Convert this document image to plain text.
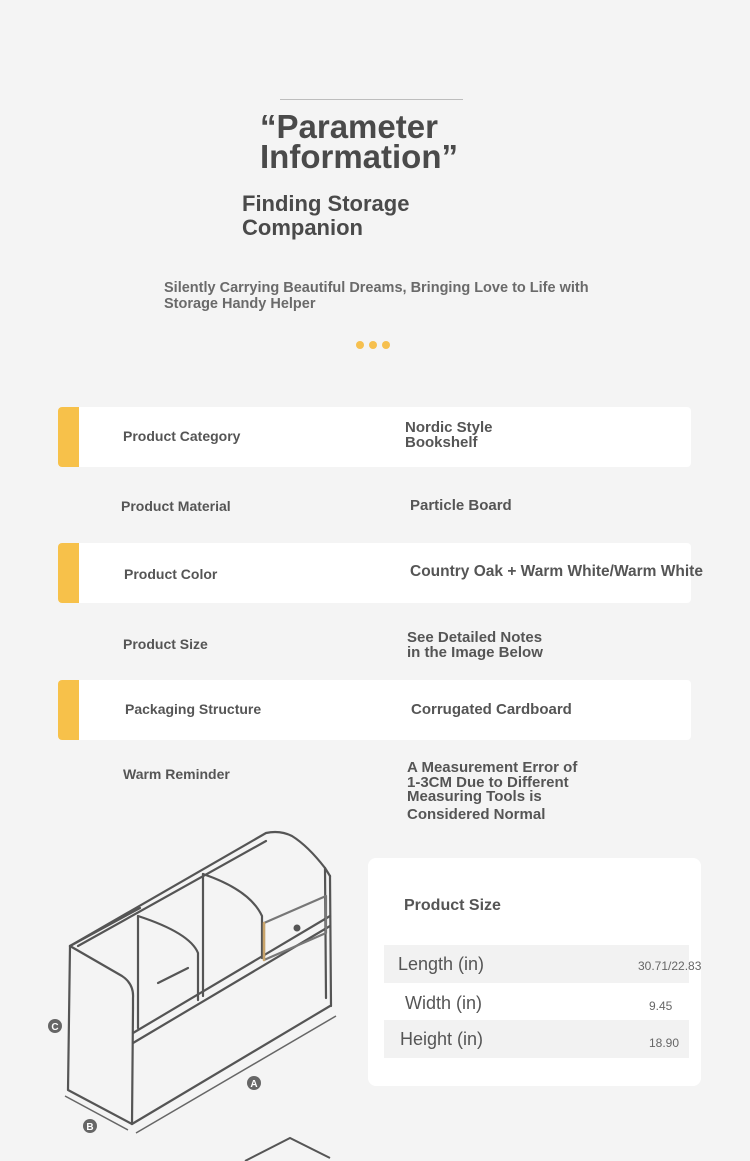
“Parameter
Information”
Finding Storage
Companion
Silently Carrying Beautiful Dreams, Bringing Love to Life with
Storage Handy Helper
Product Category	Nordic Style
Bookshelf
Product Material	Particle Board
Product Color	Country Oak + Warm White/Warm White
Product Size	See Detailed Notes
in the Image Below
Packaging Structure	Corrugated Cardboard
Warm Reminder	A Measurement Error of
1-3CM Due to Different
Measuring Tools is
Considered Normal
Product Size
Length (in)	30.71/22.83
Width (in)	9.45
Height (in)	18.90
C
A
B
